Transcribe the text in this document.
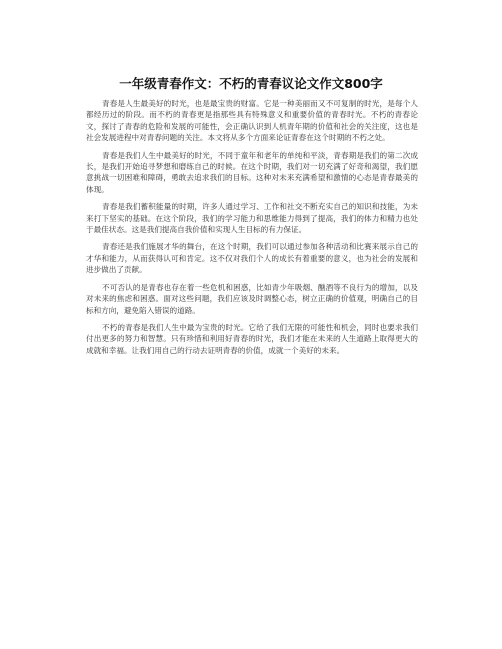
一年级青春作文：不朽的青春议论文作文800字

青春是人生最美好的时光，也是最宝贵的财富。它是一种美丽而又不可复制的时光，是每个人都经历过的阶段。而不朽的青春更是指那些具有特殊意义和重要价值的青春时光。不朽的青春论文，探讨了青春的危险和发展的可能性，会正确认识到人机青年期的价值和社会的关注度，这也是社会发展进程中对青春问题的关注。本文将从多个方面来论证青春在这个时期的不朽之处。

青春是我们人生中最美好的时光，不同于童年和老年的单纯和平淡，青春期是我们的第二次成长，是我们开始追寻梦想和磨练自己的时候。在这个时期，我们对一切充满了好奇和渴望，我们愿意挑战一切困难和障碍，勇敢去追求我们的目标。这种对未来充满希望和激情的心态是青春最美的体现。

青春是我们蓄积能量的时期，许多人通过学习、工作和社交不断充实自己的知识和技能，为未来打下坚实的基础。在这个阶段，我们的学习能力和思维能力得到了提高，我们的体力和精力也处于最佳状态。这是我们提高自我价值和实现人生目标的有力保证。

青春还是我们施展才华的舞台，在这个时期，我们可以通过参加各种活动和比赛来展示自己的才华和能力，从而获得认可和肯定。这不仅对我们个人的成长有着重要的意义，也为社会的发展和进步做出了贡献。

不可否认的是青春也存在着一些危机和困惑，比如青少年吸烟、酗酒等不良行为的增加，以及对未来的焦虑和困惑。面对这些问题，我们应该及时调整心态，树立正确的价值观，明确自己的目标和方向，避免陷入错误的道路。

不朽的青春是我们人生中最为宝贵的时光。它给了我们无限的可能性和机会，同时也要求我们付出更多的努力和智慧。只有珍惜和利用好青春的时光，我们才能在未来的人生道路上取得更大的成就和幸福。让我们用自己的行动去证明青春的价值，成就一个美好的未来。
